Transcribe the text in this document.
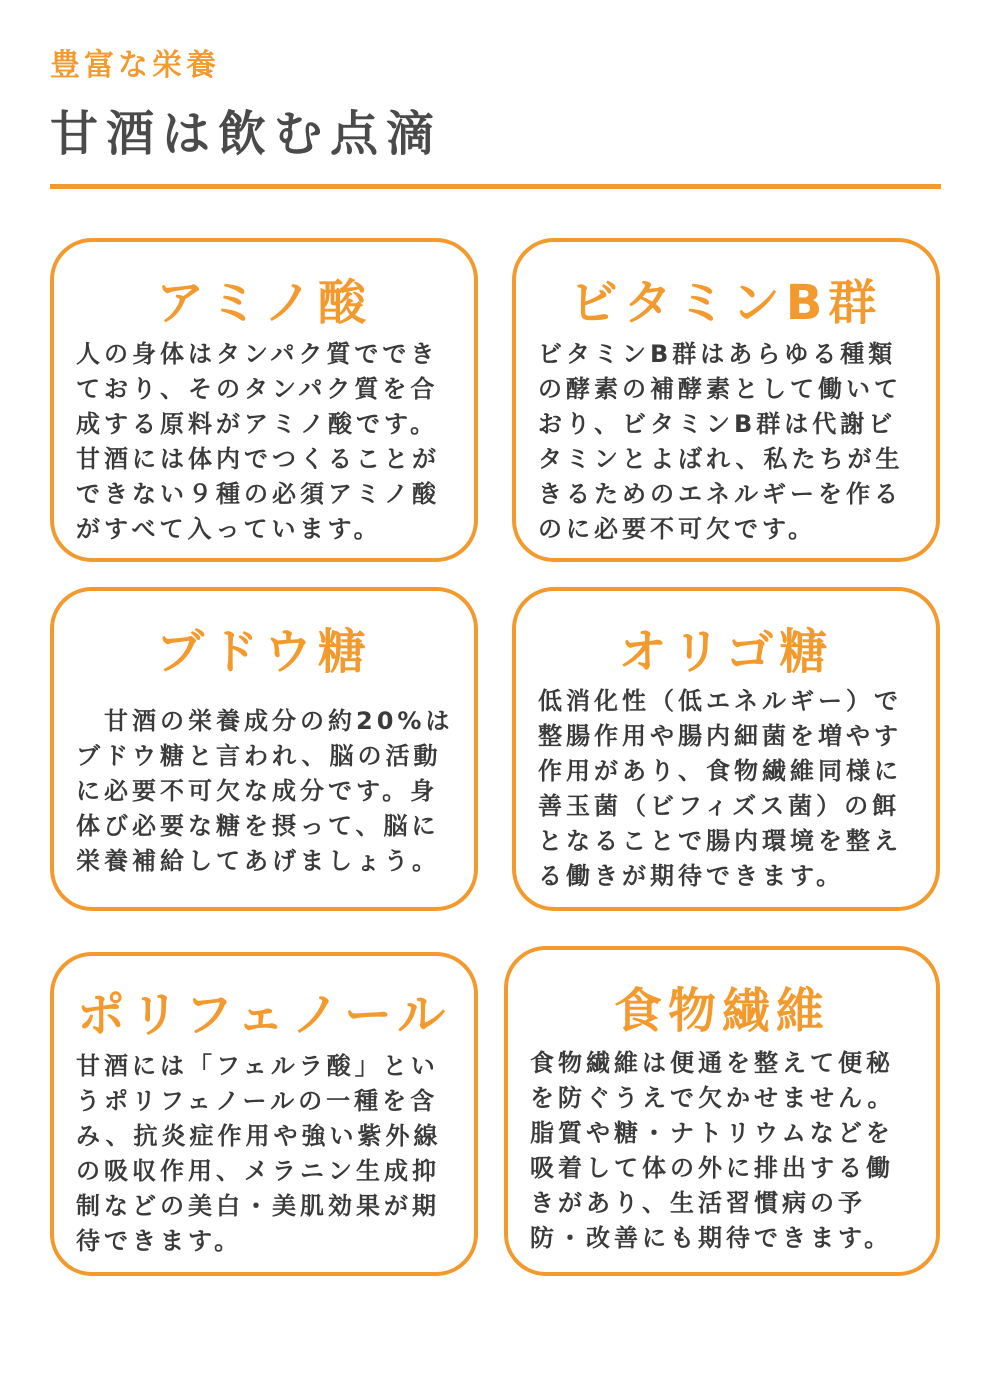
豊富な栄養
甘酒は飲む点滴
アミノ酸
人の身体はタンパク質ででき
ており、そのタンパク質を合
成する原料がアミノ酸です。
甘酒には体内でつくることが
できない９種の必須アミノ酸
がすべて入っています。
ビタミンB群
ビタミンB群はあらゆる種類
の酵素の補酵素として働いて
おり、ビタミンB群は代謝ビ
タミンとよばれ、私たちが生
きるためのエネルギーを作る
のに必要不可欠です。
ブドウ糖
　甘酒の栄養成分の約20%は
ブドウ糖と言われ、脳の活動
に必要不可欠な成分です。身
体び必要な糖を摂って、脳に
栄養補給してあげましょう。
オリゴ糖
低消化性（低エネルギー）で
整腸作用や腸内細菌を増やす
作用があり、食物繊維同様に
善玉菌（ビフィズス菌）の餌
となることで腸内環境を整え
る働きが期待できます。
ポリフェノール
甘酒には「フェルラ酸」とい
うポリフェノールの一種を含
み、抗炎症作用や強い紫外線
の吸収作用、メラニン生成抑
制などの美白・美肌効果が期
待できます。
食物繊維
食物繊維は便通を整えて便秘
を防ぐうえで欠かせません。
脂質や糖・ナトリウムなどを
吸着して体の外に排出する働
きがあり、生活習慣病の予
防・改善にも期待できます。
